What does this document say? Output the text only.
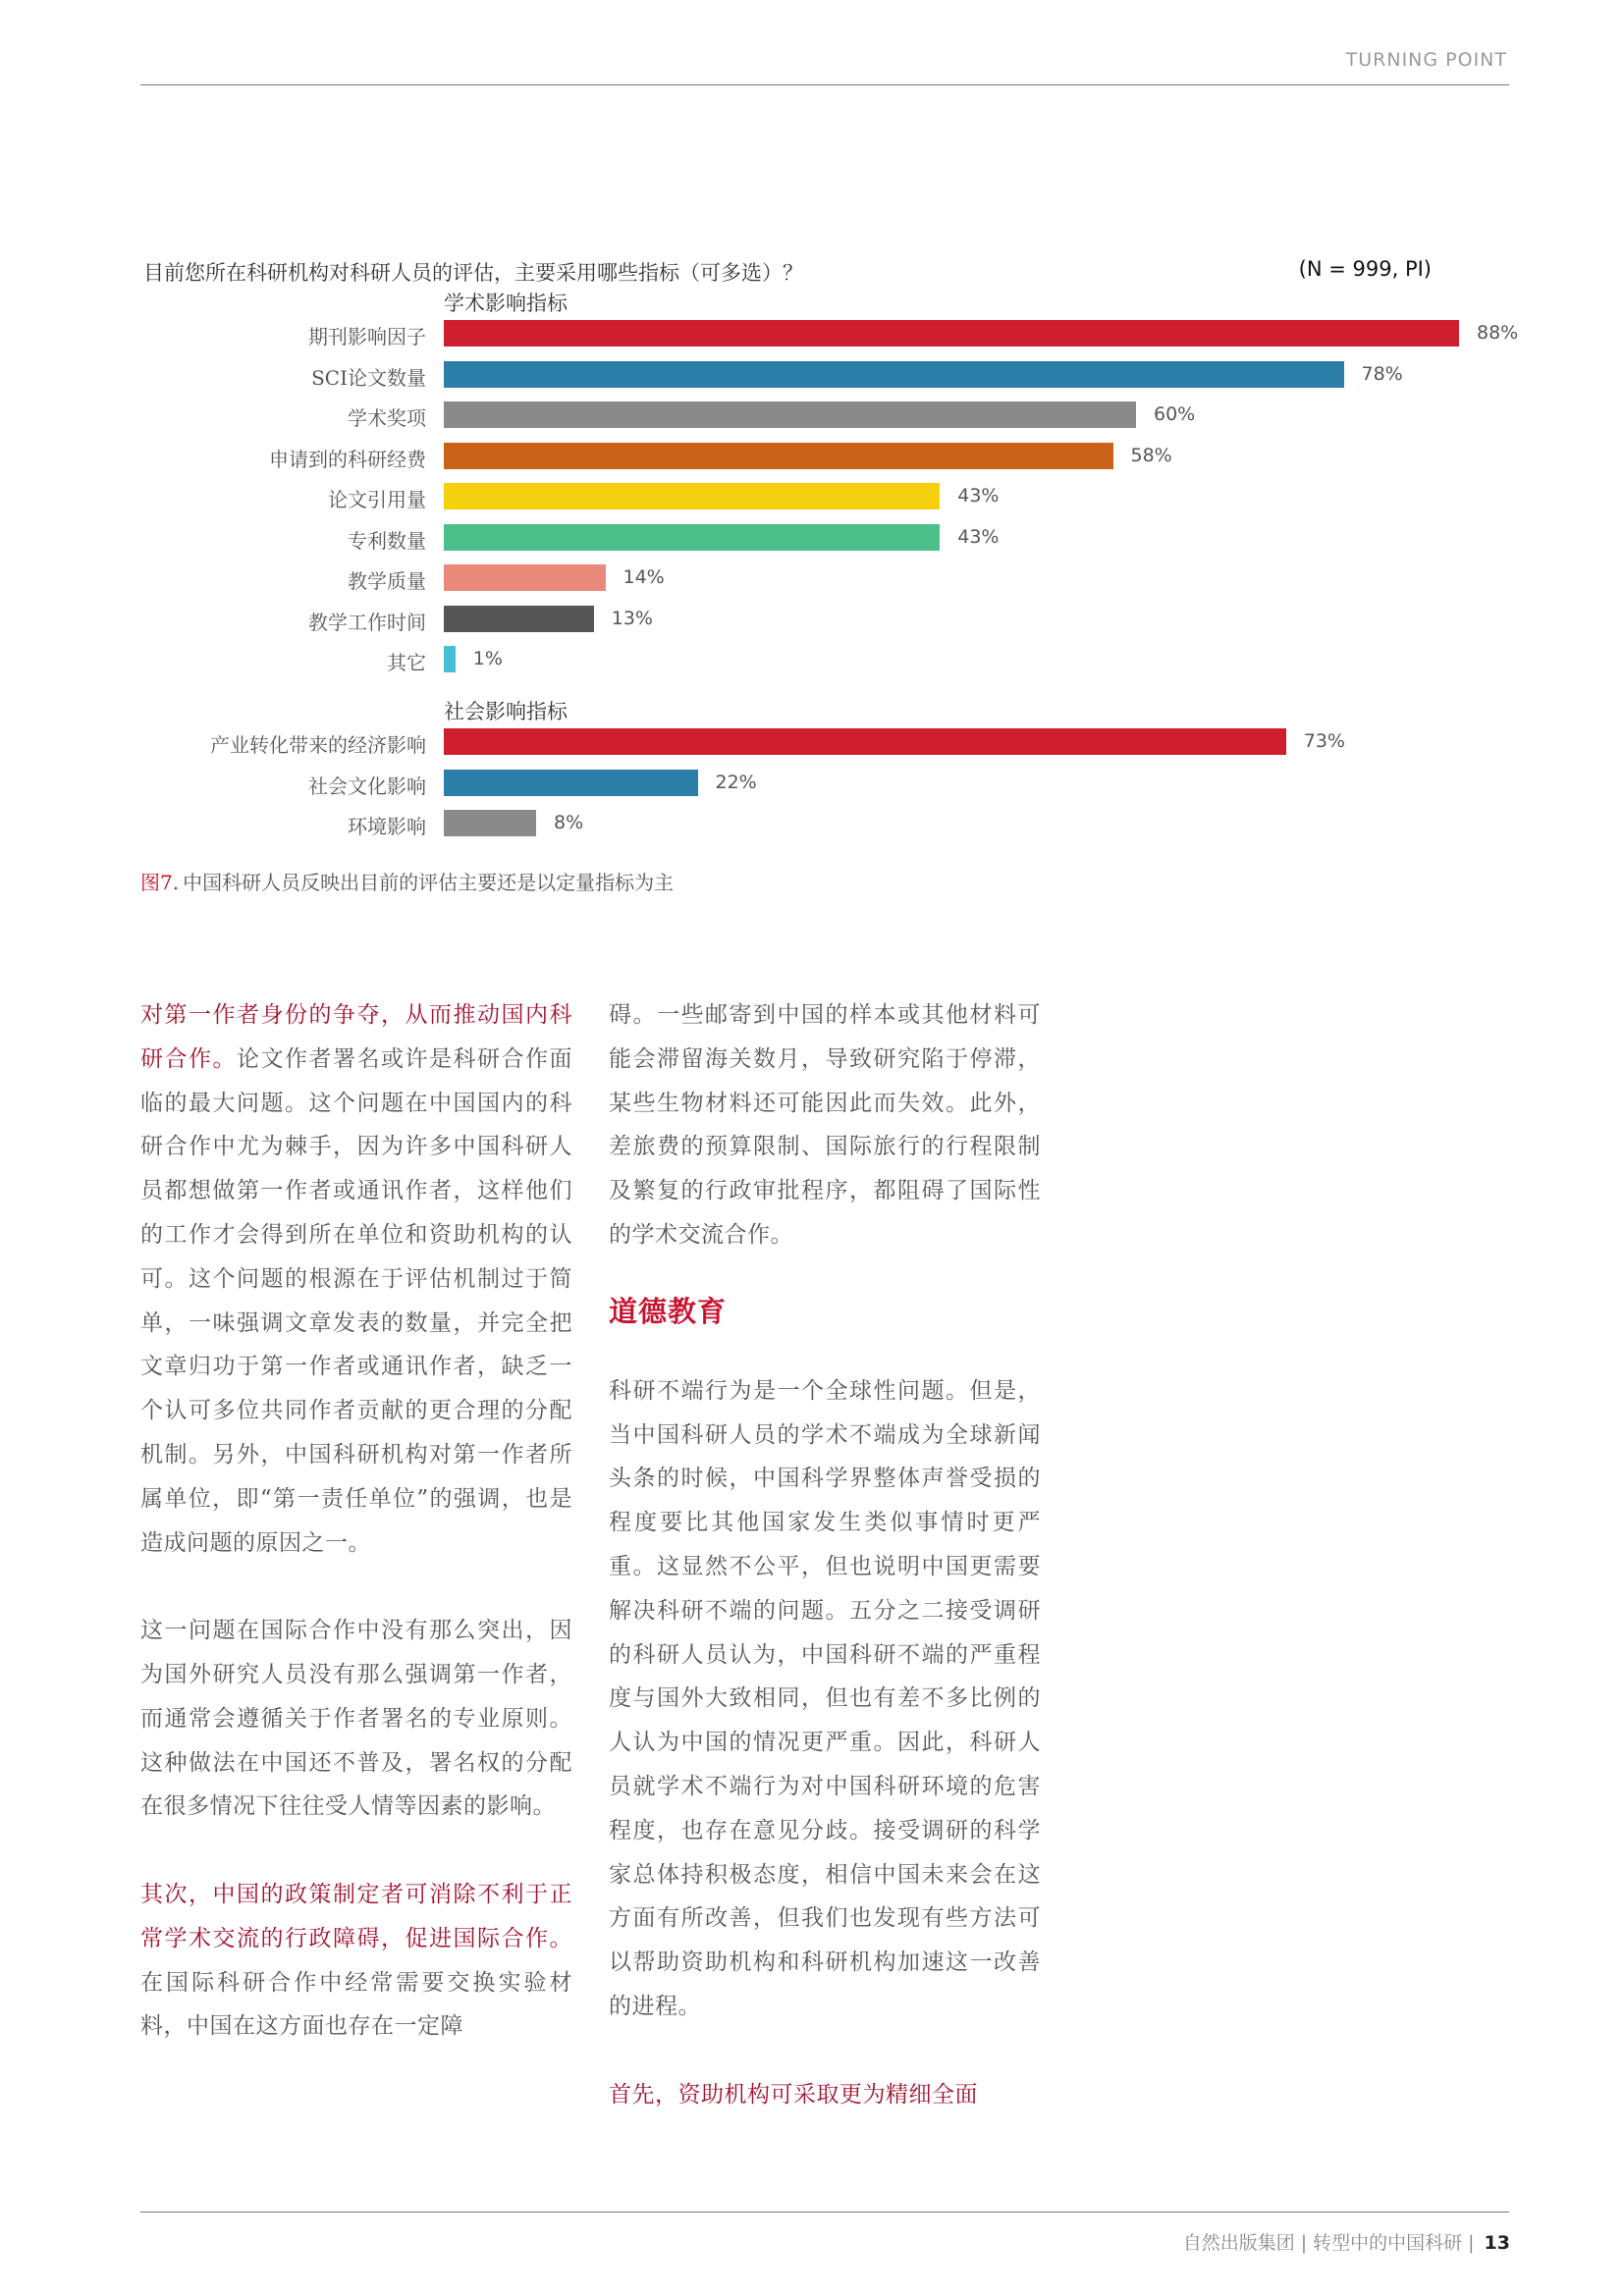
TURNING POINT
目前您所在科研机构对科研人员的评估，主要采用哪些指标（可多选）？	(N = 999, PI)
学术影响指标
期刊影响因子	88%
SCI论文数量	78%
学术奖项	60%
申请到的科研经费	58%
论文引用量	43%
专利数量	43%
教学质量	14%
教学工作时间	13%
其它	1%
社会影响指标
产业转化带来的经济影响	73%
社会文化影响	22%
环境影响	8%
图7. 中国科研人员反映出目前的评估主要还是以定量指标为主

对第一作者身份的争夺，从而推动国内科研合作。论文作者署名或许是科研合作面临的最大问题。这个问题在中国国内的科研合作中尤为棘手，因为许多中国科研人员都想做第一作者或通讯作者，这样他们的工作才会得到所在单位和资助机构的认可。这个问题的根源在于评估机制过于简单，一味强调文章发表的数量，并完全把文章归功于第一作者或通讯作者，缺乏一个认可多位共同作者贡献的更合理的分配机制。另外，中国科研机构对第一作者所属单位，即“第一责任单位”的强调，也是造成问题的原因之一。

这一问题在国际合作中没有那么突出，因为国外研究人员没有那么强调第一作者，而通常会遵循关于作者署名的专业原则。这种做法在中国还不普及，署名权的分配在很多情况下往往受人情等因素的影响。

其次，中国的政策制定者可消除不利于正常学术交流的行政障碍，促进国际合作。在国际科研合作中经常需要交换实验材料，中国在这方面也存在一定障

碍。一些邮寄到中国的样本或其他材料可能会滞留海关数月，导致研究陷于停滞，某些生物材料还可能因此而失效。此外，差旅费的预算限制、国际旅行的行程限制及繁复的行政审批程序，都阻碍了国际性的学术交流合作。

道德教育

科研不端行为是一个全球性问题。但是，当中国科研人员的学术不端成为全球新闻头条的时候，中国科学界整体声誉受损的程度要比其他国家发生类似事情时更严重。这显然不公平，但也说明中国更需要解决科研不端的问题。五分之二接受调研的科研人员认为，中国科研不端的严重程度与国外大致相同，但也有差不多比例的人认为中国的情况更严重。因此，科研人员就学术不端行为对中国科研环境的危害程度，也存在意见分歧。接受调研的科学家总体持积极态度，相信中国未来会在这方面有所改善，但我们也发现有些方法可以帮助资助机构和科研机构加速这一改善的进程。

首先，资助机构可采取更为精细全面

自然出版集团 | 转型中的中国科研 | 13
